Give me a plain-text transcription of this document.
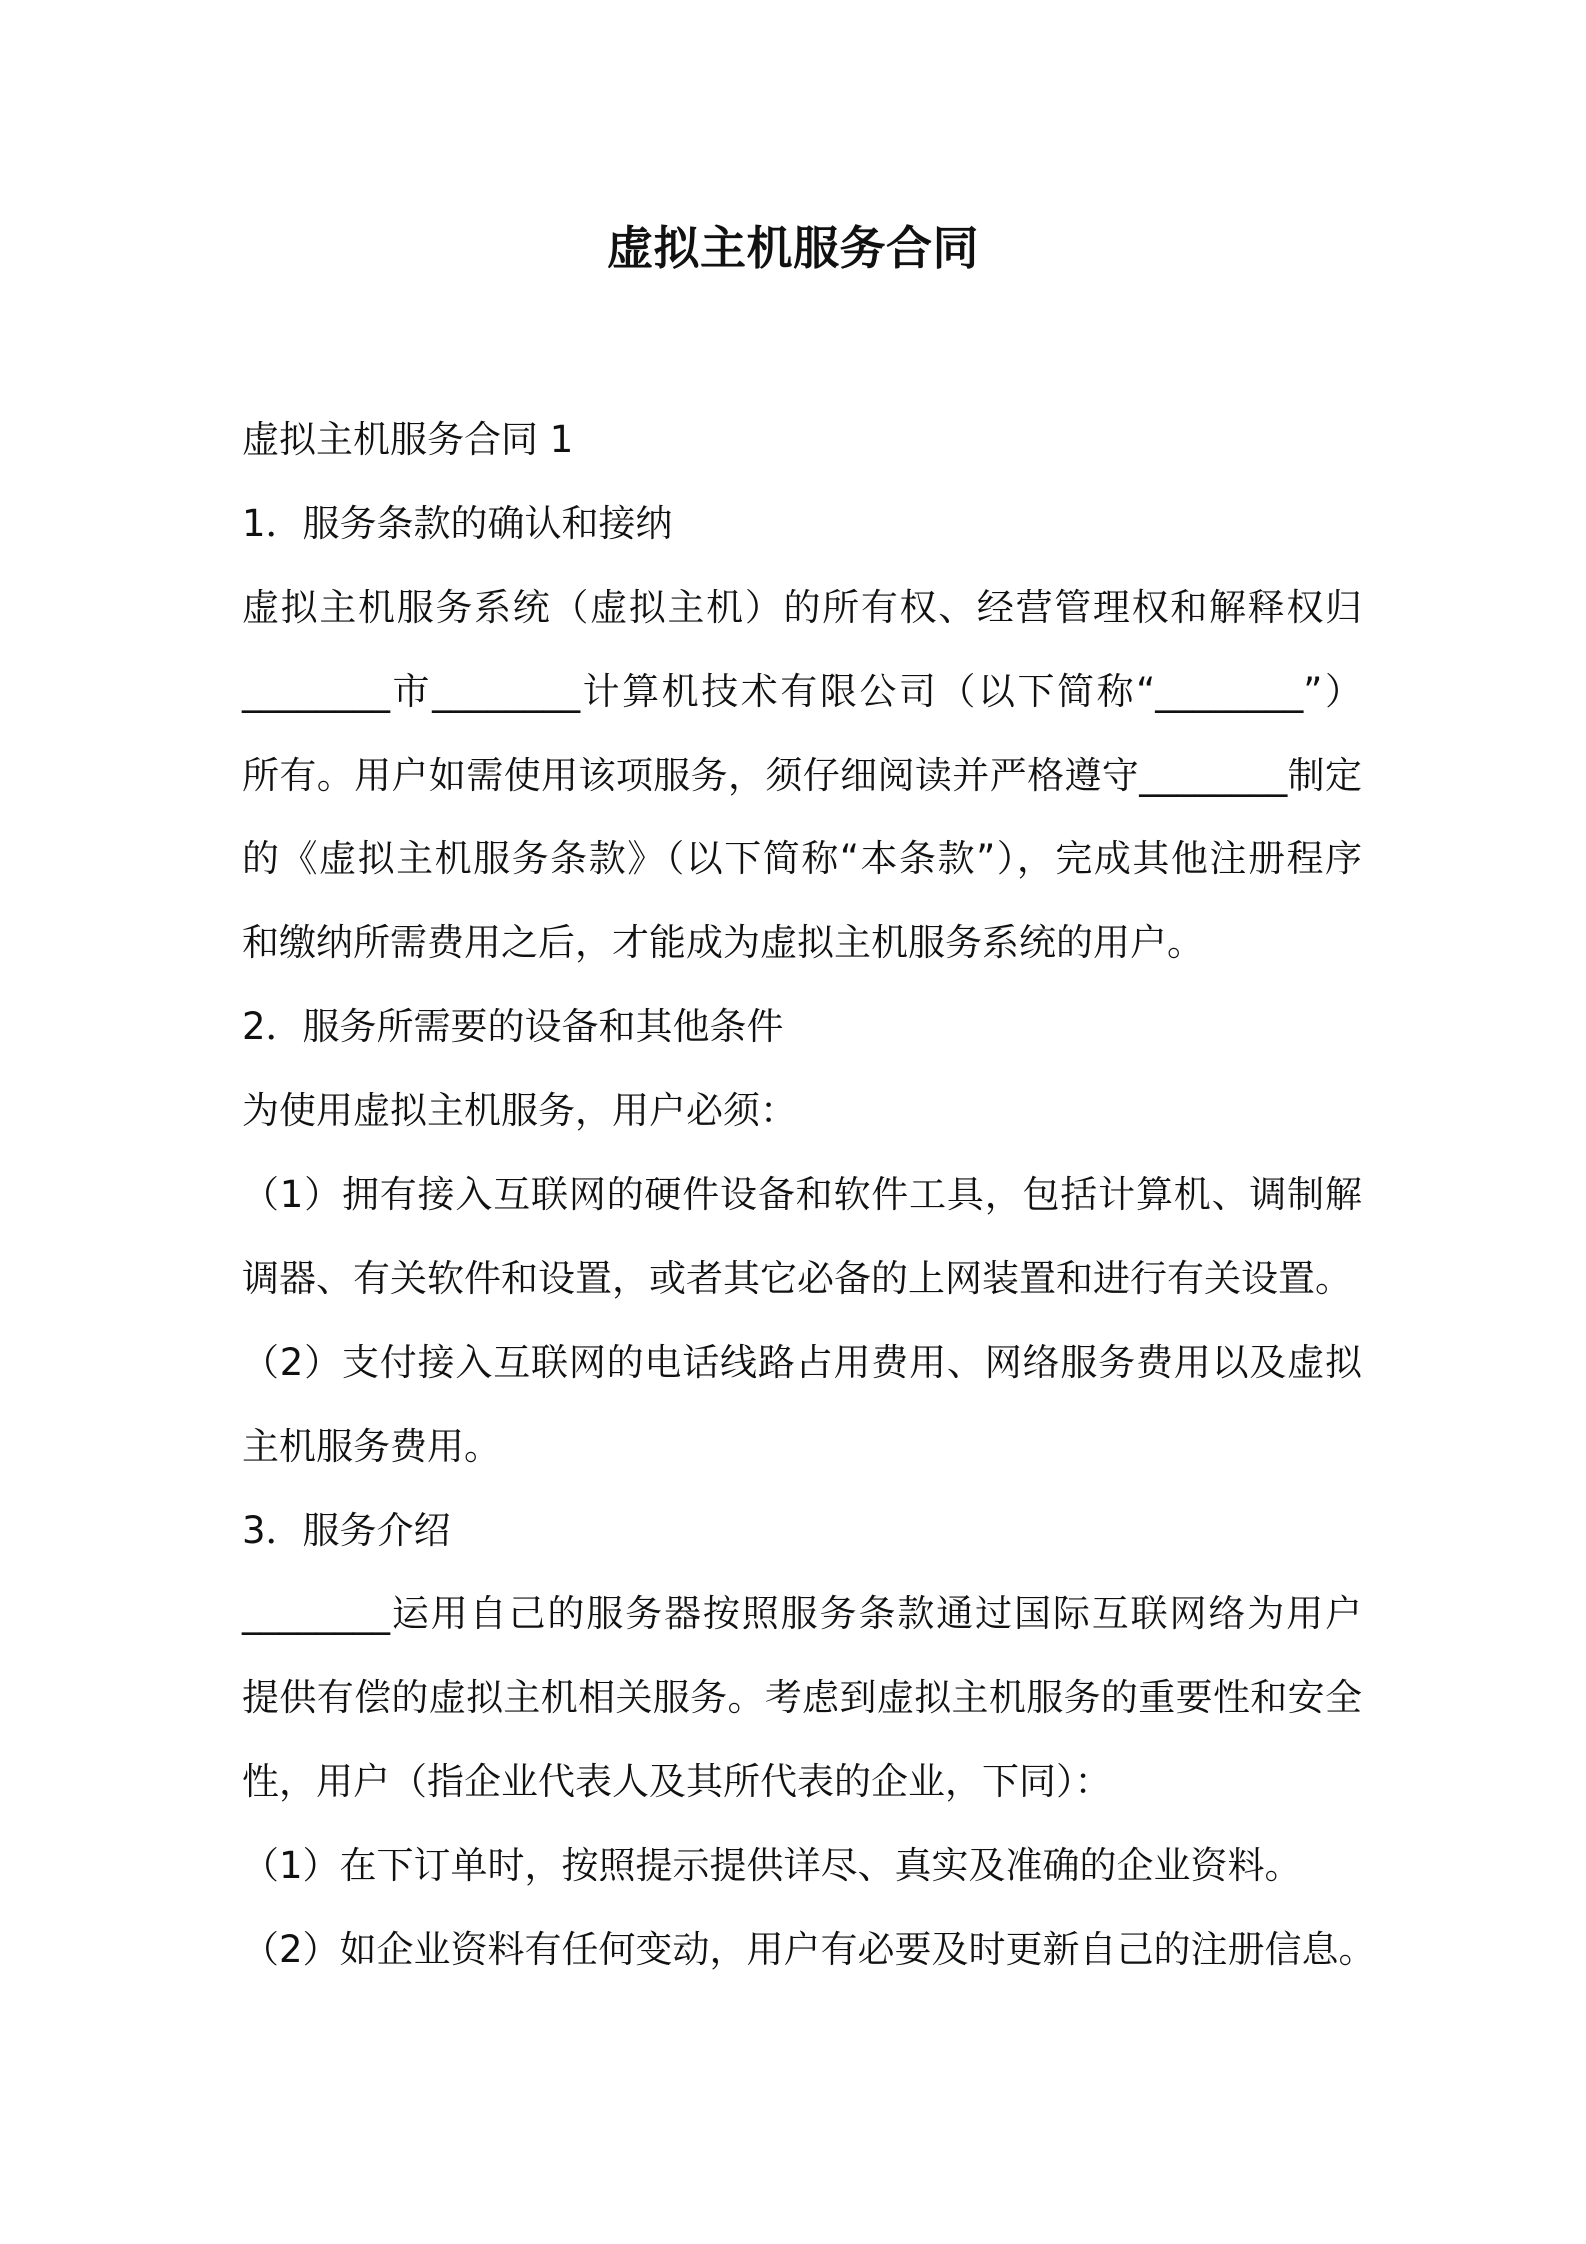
虚拟主机服务合同
虚拟主机服务合同 1
1．服务条款的确认和接纳
虚拟主机服务系统（虚拟主机）的所有权、经营管理权和解释权归
________市________计算机技术有限公司（以下简称“________”）
所有。用户如需使用该项服务，须仔细阅读并严格遵守________制定
的《虚拟主机服务条款》（以下简称“本条款”），完成其他注册程序
和缴纳所需费用之后，才能成为虚拟主机服务系统的用户。
2．服务所需要的设备和其他条件
为使用虚拟主机服务，用户必须：
（1）拥有接入互联网的硬件设备和软件工具，包括计算机、调制解
调器、有关软件和设置，或者其它必备的上网装置和进行有关设置。
（2）支付接入互联网的电话线路占用费用、网络服务费用以及虚拟
主机服务费用。
3．服务介绍
________运用自己的服务器按照服务条款通过国际互联网络为用户
提供有偿的虚拟主机相关服务。考虑到虚拟主机服务的重要性和安全
性，用户（指企业代表人及其所代表的企业，下同）：
（1）在下订单时，按照提示提供详尽、真实及准确的企业资料。
（2）如企业资料有任何变动，用户有必要及时更新自己的注册信息。
